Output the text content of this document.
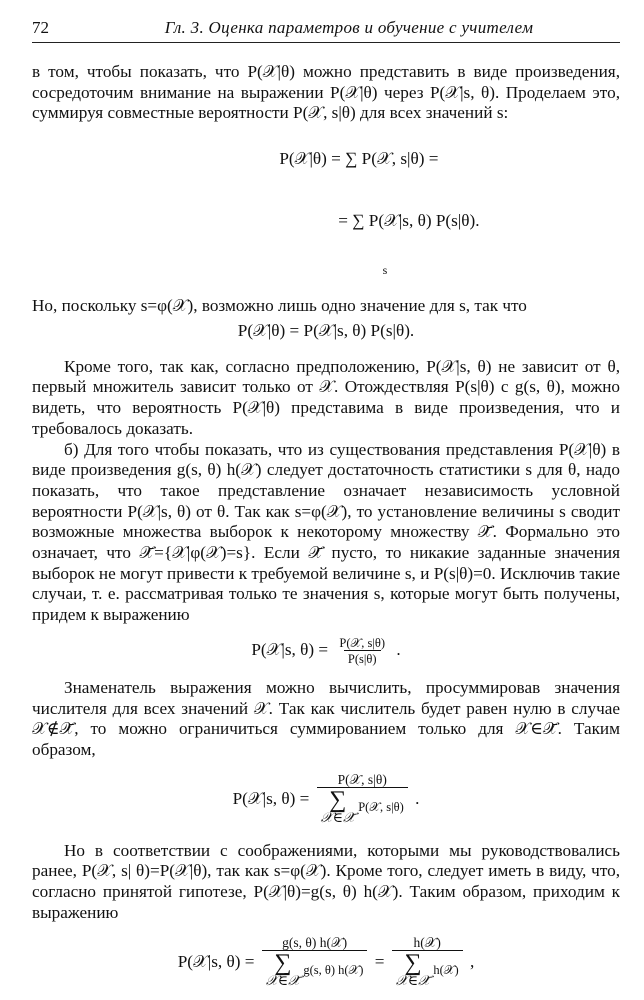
72	Гл. 3. Оценка параметров и обучение с учителем

в том, чтобы показать, что P(𝒳|θ) можно представить в виде произведения, сосредоточим внимание на выражении P(𝒳|θ) через P(𝒳|s, θ). Проделаем это, суммируя совместные вероятности P(𝒳, s|θ) для всех значений s:

P(𝒳|θ) = ∑ P(𝒳, s|θ) =

= ∑ P(𝒳|s, θ) P(s|θ).

s

Но, поскольку s=φ(𝒳), возможно лишь одно значение для s, так что

P(𝒳|θ) = P(𝒳|s, θ) P(s|θ).

Кроме того, так как, согласно предположению, P(𝒳|s, θ) не зависит от θ, первый множитель зависит только от 𝒳. Отождествляя P(s|θ) с g(s, θ), можно видеть, что вероятность P(𝒳|θ) представима в виде произведения, что и требовалось доказать.

б) Для того чтобы показать, что из существования представления P(𝒳|θ) в виде произведения g(s, θ) h(𝒳) следует достаточность статистики s для θ, надо показать, что такое представление означает независимость условной вероятности P(𝒳|s, θ) от θ. Так как s=φ(𝒳), то установление величины s сводит возможные множества выборок к некоторому множеству 𝒳̄. Формально это означает, что 𝒳̄={𝒳|φ(𝒳)=s}. Если 𝒳̄ пусто, то никакие заданные значения выборок не могут привести к требуемой величине s, и P(s|θ)=0. Исключив такие случаи, т. е. рассматривая только те значения s, которые могут быть получены, придем к выражению

P(𝒳|s, $\theta) = \frac{\text{P(𝒳, s|θ)}}{P(s|\theta)}$ .

Знаменатель выражения можно вычислить, просуммировав значения числителя для всех значений 𝒳. Так как числитель будет равен нулю в случае 𝒳∉𝒳̄, то можно ограничиться суммированием только для 𝒳∈𝒳̄. Таким образом,

P(𝒳|s, θ) = P(𝒳, s|θ)
∑
𝒳∈𝒳̄
P(𝒳, s|θ) .

Но в соответствии с соображениями, которыми мы руководствовались ранее, P(𝒳, s| θ)=P(𝒳|θ), так как s=φ(𝒳). Кроме того, следует иметь в виду, что, согласно принятой гипотезе, P(𝒳|θ)=g(s, θ) h(𝒳). Таким образом, приходим к выражению

P(𝒳|s, θ) = g(s, θ) h(𝒳)
∑
𝒳∈𝒳̄
g(s, θ) h(𝒳) = h(𝒳)
∑
𝒳∈𝒳̄
h(𝒳) ,
